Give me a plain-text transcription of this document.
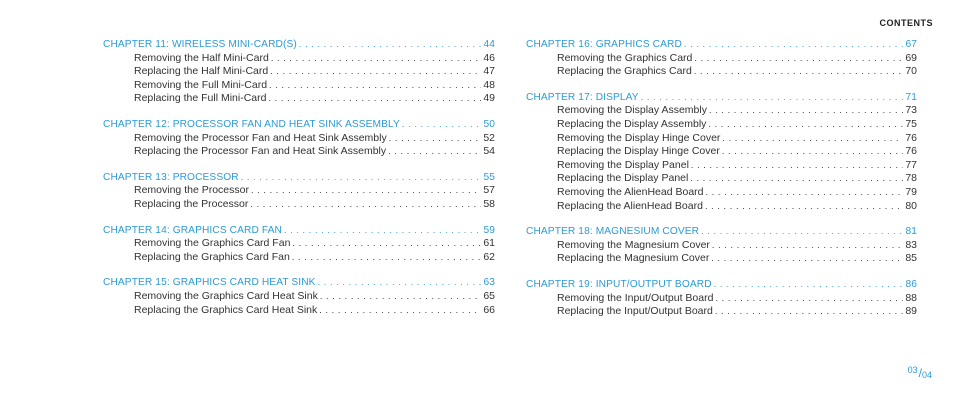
CONTENTS
CHAPTER 11: WIRELESS MINI-CARD(S) . . .	44
Removing the Half Mini-Card . . .	46
Replacing the Half Mini-Card . . .	47
Removing the Full Mini-Card . . .	48
Replacing the Full Mini-Card . . .	49
CHAPTER 12: PROCESSOR FAN AND HEAT SINK ASSEMBLY . . .	50
Removing the Processor Fan and Heat Sink Assembly . . .	52
Replacing the Processor Fan and Heat Sink Assembly . . .	54
CHAPTER 13: PROCESSOR . . .	55
Removing the Processor . . .	57
Replacing the Processor . . .	58
CHAPTER 14: GRAPHICS CARD FAN . . .	59
Removing the Graphics Card Fan . . .	61
Replacing the Graphics Card Fan . . .	62
CHAPTER 15: GRAPHICS CARD HEAT SINK . . .	63
Removing the Graphics Card Heat Sink . . .	65
Replacing the Graphics Card Heat Sink . . .	66
CHAPTER 16: GRAPHICS CARD . . .	67
Removing the Graphics Card . . .	69
Replacing the Graphics Card . . .	70
CHAPTER 17: DISPLAY . . .	71
Removing the Display Assembly . . .	73
Replacing the Display Assembly . . .	75
Removing the Display Hinge Cover . . .	76
Replacing the Display Hinge Cover . . .	76
Removing the Display Panel . . .	77
Replacing the Display Panel . . .	78
Removing the AlienHead Board . . .	79
Replacing the AlienHead Board . . .	80
CHAPTER 18: MAGNESIUM COVER . . .	81
Removing the Magnesium Cover . . .	83
Replacing the Magnesium Cover . . .	85
CHAPTER 19: INPUT/OUTPUT BOARD . . .	86
Removing the Input/Output Board . . .	88
Replacing the Input/Output Board . . .	89
03 / 04
